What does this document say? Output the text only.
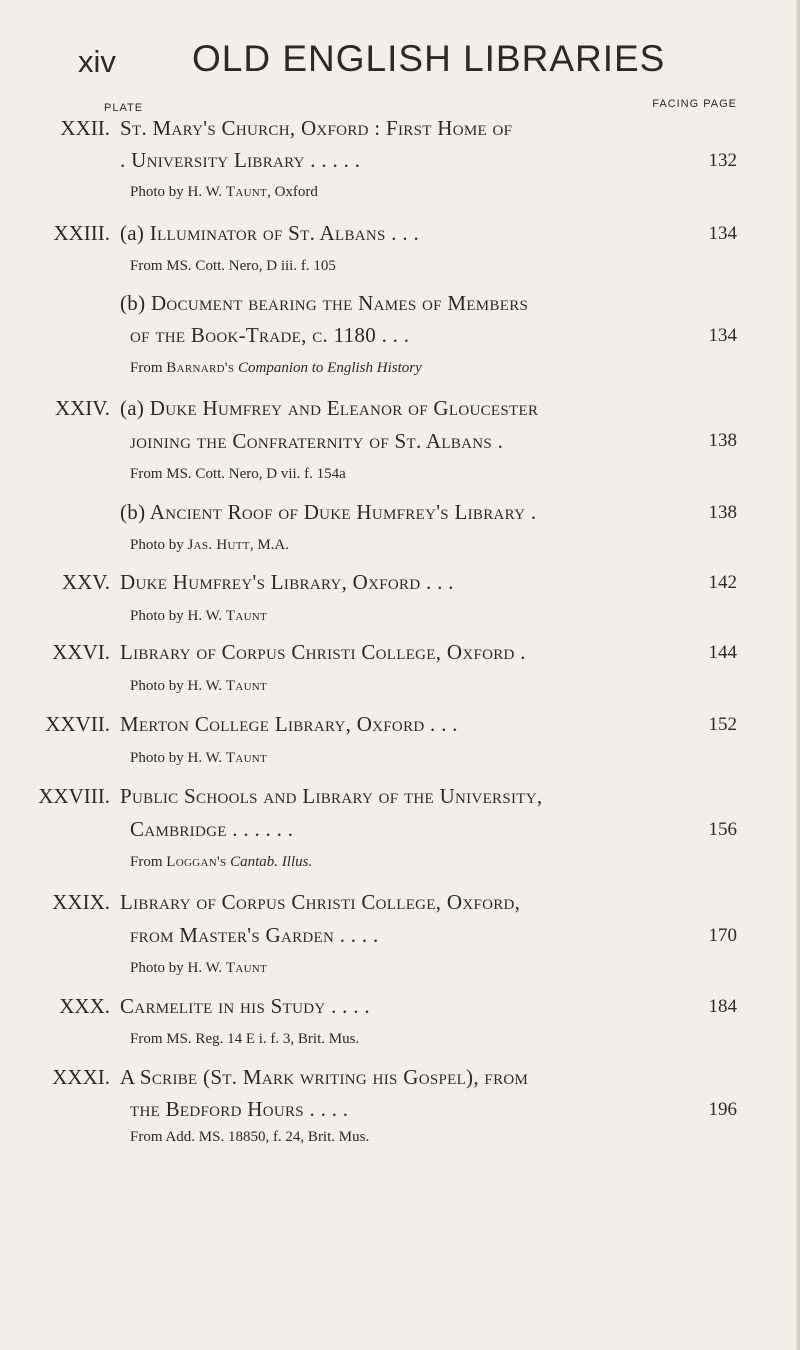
xiv OLD ENGLISH LIBRARIES
PLATE	FACING PAGE
XXII. St. Mary's Church, Oxford : First Home of
. University Library . . . . .	132
Photo by H. W. Taunt, Oxford
XXIII. (a) Illuminator of St. Albans . . .	134
From MS. Cott. Nero, D iii. f. 105
(b) Document bearing the Names of Members
of the Book-Trade, c. 1180 . . .	134
From Barnard's Companion to English History
XXIV. (a) Duke Humfrey and Eleanor of Gloucester
joining the Confraternity of St. Albans .	138
From MS. Cott. Nero, D vii. f. 154a
(b) Ancient Roof of Duke Humfrey's Library .	138
Photo by Jas. Hutt, M.A.
XXV. Duke Humfrey's Library, Oxford . . .	142
Photo by H. W. Taunt
XXVI. Library of Corpus Christi College, Oxford .	144
Photo by H. W. Taunt
XXVII. Merton College Library, Oxford . . .	152
Photo by H. W. Taunt
XXVIII. Public Schools and Library of the University,
Cambridge . . . . . .	156
From Loggan's Cantab. Illus.
XXIX. Library of Corpus Christi College, Oxford,
from Master's Garden . . . .	170
Photo by H. W. Taunt
XXX. Carmelite in his Study . . . .	184
From MS. Reg. 14 E i. f. 3, Brit. Mus.
XXXI. A Scribe (St. Mark writing his Gospel), from
the Bedford Hours . . . .	196
From Add. MS. 18850, f. 24, Brit. Mus.
